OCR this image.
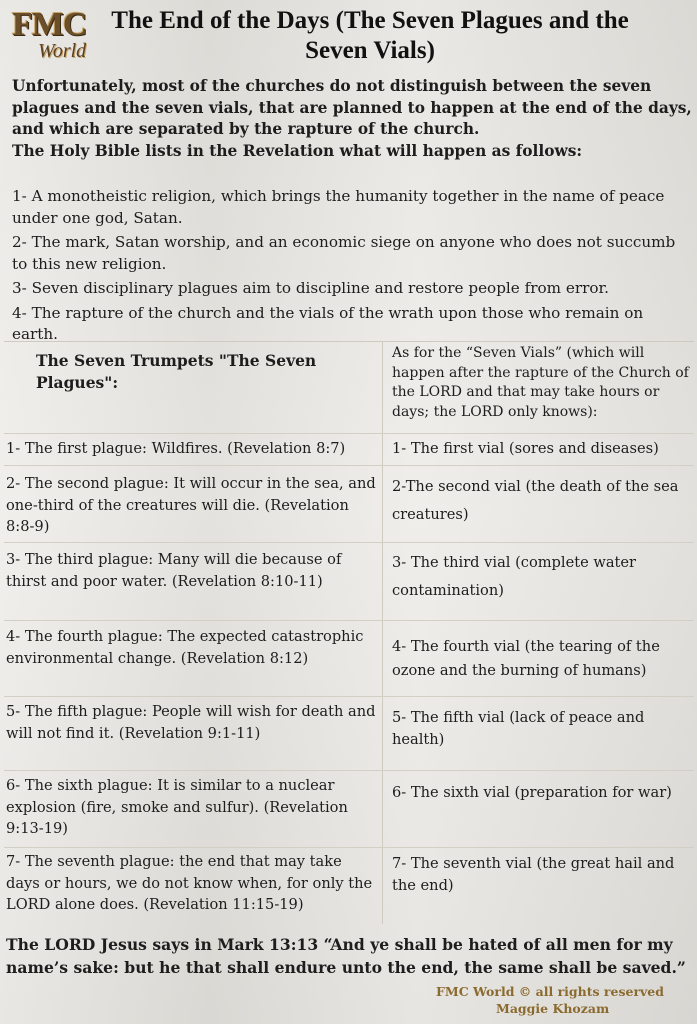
FMC
World
The End of the Days (The Seven Plagues and the Seven Vials)
Unfortunately, most of the churches do not distinguish between the seven plagues and the seven vials, that are planned to happen at the end of the days, and which are separated by the rapture of the church.
The Holy Bible lists in the Revelation what will happen as follows:
1- A monotheistic religion, which brings the humanity together in the name of peace under one god, Satan.
2- The mark, Satan worship, and an economic siege on anyone who does not succumb to this new religion.
3- Seven disciplinary plagues aim to discipline and restore people from error.
4- The rapture of the church and the vials of the wrath upon those who remain on earth.
The Seven Trumpets "The Seven Plagues":
As for the “Seven Vials” (which will happen after the rapture of the Church of the LORD and that may take hours or days; the LORD only knows):
1- The first plague: Wildfires. (Revelation 8:7)	1- The first vial (sores and diseases)
2- The second plague: It will occur in the sea, and one-third of the creatures will die. (Revelation 8:8-9)
2-The second vial (the death of the sea creatures)
3- The third plague: Many will die because of thirst and poor water. (Revelation 8:10-11)
3- The third vial (complete water contamination)
4- The fourth plague: The expected catastrophic environmental change. (Revelation 8:12)
4- The fourth vial (the tearing of the ozone and the burning of humans)
5- The fifth plague: People will wish for death and will not find it. (Revelation 9:1-11)
5- The fifth vial (lack of peace and health)
6- The sixth plague: It is similar to a nuclear explosion (fire, smoke and sulfur). (Revelation 9:13-19)
6- The sixth vial (preparation for war)
7- The seventh plague: the end that may take days or hours, we do not know when, for only the LORD alone does. (Revelation 11:15-19)
7- The seventh vial (the great hail and the end)
The LORD Jesus says in Mark 13:13 “And ye shall be hated of all men for my name’s sake: but he that shall endure unto the end, the same shall be saved.”
FMC World © all rights reserved
Maggie Khozam
